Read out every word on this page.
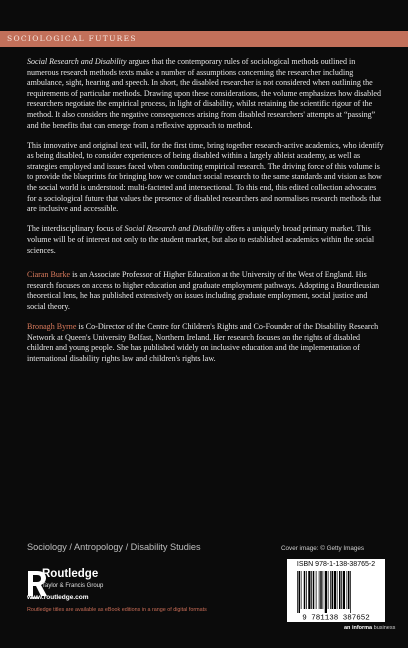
SOCIOLOGICAL FUTURES

Social Research and Disability argues that the contemporary rules of sociological methods outlined in numerous research methods texts make a number of assumptions concerning the researcher including ambulance, sight, hearing and speech. In short, the disabled researcher is not considered when outlining the requirements of particular methods. Drawing upon these considerations, the volume emphasizes how disabled researchers negotiate the empirical process, in light of disability, whilst retaining the scientific rigour of the method. It also considers the negative consequences arising from disabled researchers' attempts at “passing” and the benefits that can emerge from a reflexive approach to method.

This innovative and original text will, for the first time, bring together research-active academics, who identify as being disabled, to consider experiences of being disabled within a largely ableist academy, as well as strategies employed and issues faced when conducting empirical research. The driving force of this volume is to provide the blueprints for bringing how we conduct social research to the same standards and vision as how the social world is understood: multi-facteted and intersectional. To this end, this edited collection advocates for a sociological future that values the presence of disabled researchers and normalises research methods that are inclusive and accessible.

The interdisciplinary focus of Social Research and Disability offers a uniquely broad primary market. This volume will be of interest not only to the student market, but also to established academics within the social sciences.

Ciaran Burke is an Associate Professor of Higher Education at the University of the West of England. His research focuses on access to higher education and graduate employment pathways. Adopting a Bourdieusian theoretical lens, he has published extensively on issues including graduate employment, social justice and social theory.

Bronagh Byrne is Co-Director of the Centre for Children's Rights and Co-Founder of the Disability Research Network at Queen's University Belfast, Northern Ireland. Her research focuses on the rights of disabled children and young people. She has published widely on inclusive education and the implementation of international disability rights law and children's rights law.

Sociology / Antropology / Disability Studies	Cover image: © Getty Images
Routledge
Taylor & Francis Group
www.routledge.com
Routledge titles are available as eBook editions in a range of digital formats
ISBN 978-1-138-38765-2
9 781138 387652
an informa business
